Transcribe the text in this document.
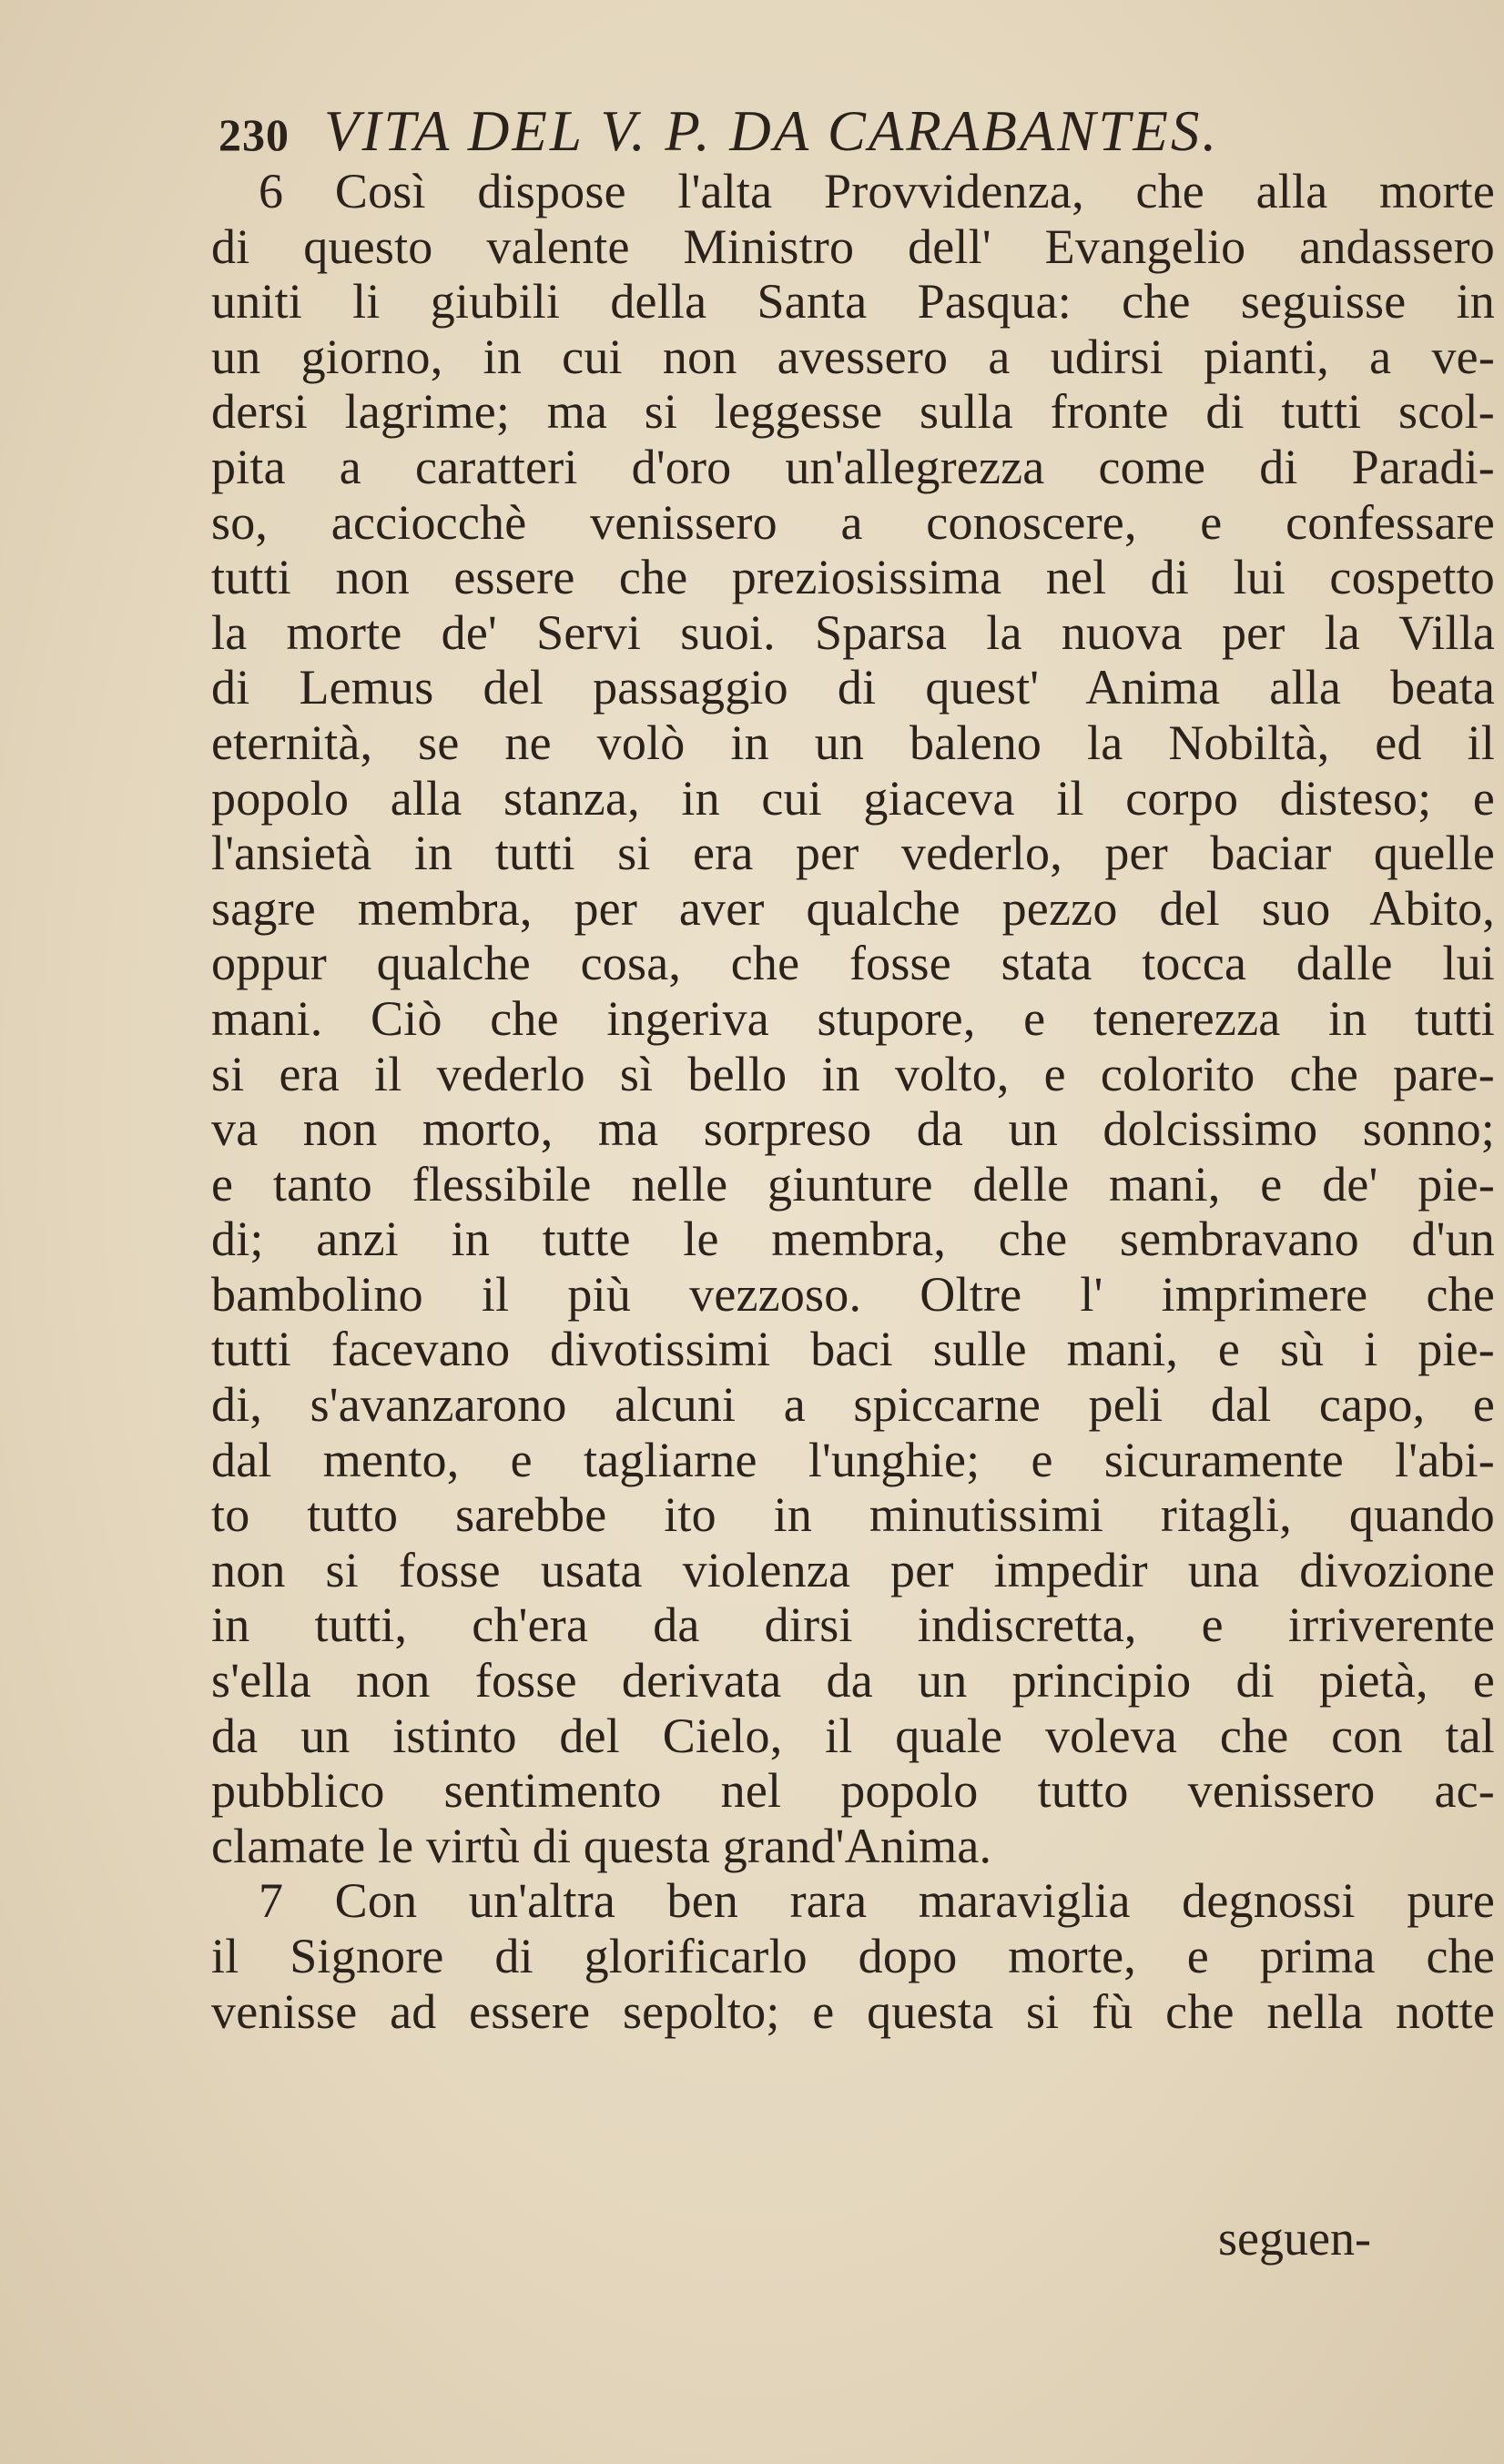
230 VITA DEL V. P. DA CARABANTES.
6 Così dispose l'alta Provvidenza, che alla morte
di questo valente Ministro dell' Evangelio andassero
uniti li giubili della Santa Pasqua: che seguisse in
un giorno, in cui non avessero a udirsi pianti, a ve-
dersi lagrime; ma si leggesse sulla fronte di tutti scol-
pita a caratteri d'oro un'allegrezza come di Paradi-
so, acciocchè venissero a conoscere, e confessare
tutti non essere che preziosissima nel di lui cospetto
la morte de' Servi suoi. Sparsa la nuova per la Villa
di Lemus del passaggio di quest' Anima alla beata
eternità, se ne volò in un baleno la Nobiltà, ed il
popolo alla stanza, in cui giaceva il corpo disteso; e
l'ansietà in tutti si era per vederlo, per baciar quelle
sagre membra, per aver qualche pezzo del suo Abito,
oppur qualche cosa, che fosse stata tocca dalle lui
mani. Ciò che ingeriva stupore, e tenerezza in tutti
si era il vederlo sì bello in volto, e colorito che pare-
va non morto, ma sorpreso da un dolcissimo sonno;
e tanto flessibile nelle giunture delle mani, e de' pie-
di; anzi in tutte le membra, che sembravano d'un
bambolino il più vezzoso. Oltre l' imprimere che
tutti facevano divotissimi baci sulle mani, e sù i pie-
di, s'avanzarono alcuni a spiccarne peli dal capo, e
dal mento, e tagliarne l'unghie; e sicuramente l'abi-
to tutto sarebbe ito in minutissimi ritagli, quando
non si fosse usata violenza per impedir una divozione
in tutti, ch'era da dirsi indiscretta, e irriverente
s'ella non fosse derivata da un principio di pietà, e
da un istinto del Cielo, il quale voleva che con tal
pubblico sentimento nel popolo tutto venissero ac-
clamate le virtù di questa grand'Anima.
7 Con un'altra ben rara maraviglia degnossi pure
il Signore di glorificarlo dopo morte, e prima che
venisse ad essere sepolto; e questa si fù che nella notte
seguen-
